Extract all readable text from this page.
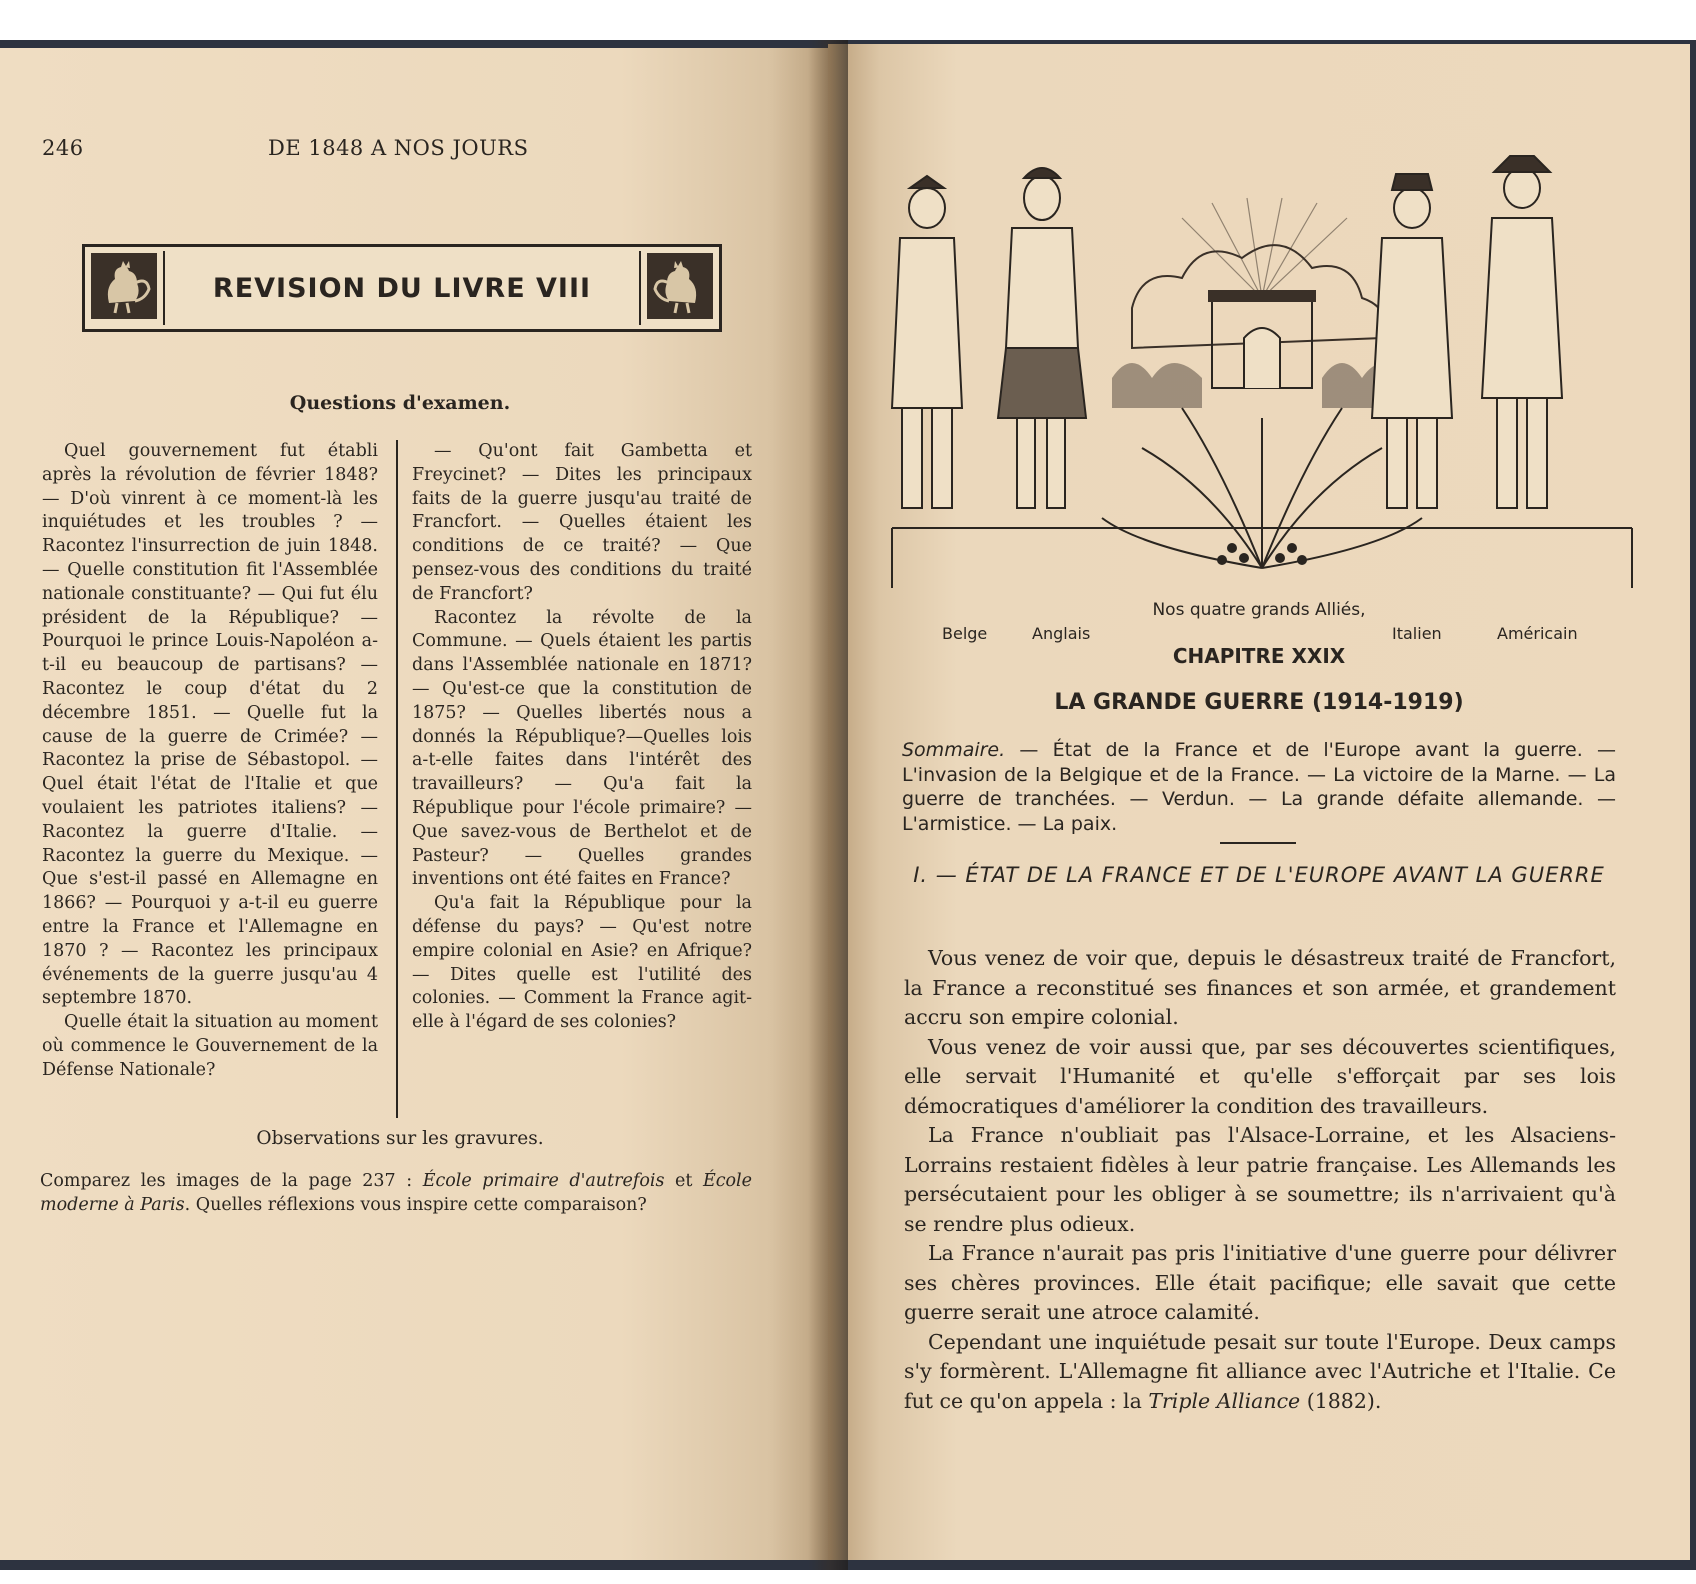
246	DE 1848 A NOS JOURS
REVISION DU LIVRE VIII
Questions d'examen.

Quel gouvernement fut établi après la révolution de février 1848? — D'où vinrent à ce moment-là les inquiétudes et les troubles ? — Racontez l'insurrection de juin 1848. — Quelle constitution fit l'Assemblée nationale constituante? — Qui fut élu président de la République? — Pourquoi le prince Louis-Napoléon a-t-il eu beaucoup de partisans? — Racontez le coup d'état du 2 décembre 1851. — Quelle fut la cause de la guerre de Crimée? — Racontez la prise de Sébastopol. — Quel était l'état de l'Italie et que voulaient les patriotes italiens? — Racontez la guerre d'Italie. — Racontez la guerre du Mexique. — Que s'est-il passé en Allemagne en 1866? — Pourquoi y a-t-il eu guerre entre la France et l'Allemagne en 1870 ? — Racontez les principaux événements de la guerre jusqu'au 4 septembre 1870.

Quelle était la situation au moment où commence le Gouvernement de la Défense Nationale?

— Qu'ont fait Gambetta et Freycinet? — Dites les principaux faits de la guerre jusqu'au traité de Francfort. — Quelles étaient les conditions de ce traité? — Que pensez-vous des conditions du traité de Francfort?

Racontez la révolte de la Commune. — Quels étaient les partis dans l'Assemblée nationale en 1871? — Qu'est-ce que la constitution de 1875? — Quelles libertés nous a donnés la République?—Quelles lois a-t-elle faites dans l'intérêt des travailleurs? — Qu'a fait la République pour l'école primaire? — Que savez-vous de Berthelot et de Pasteur? — Quelles grandes inventions ont été faites en France?

Qu'a fait la République pour la défense du pays? — Qu'est notre empire colonial en Asie? en Afrique? — Dites quelle est l'utilité des colonies. — Comment la France agit-elle à l'égard de ses colonies?

Observations sur les gravures.
Comparez les images de la page 237 : École primaire d'autrefois et École moderne à Paris. Quelles réflexions vous inspire cette comparaison?
Belge	Anglais	Italien	Américain
Nos quatre grands Alliés,
CHAPITRE XXIX
LA GRANDE GUERRE (1914-1919)
Sommaire. — État de la France et de l'Europe avant la guerre. — L'invasion de la Belgique et de la France. — La victoire de la Marne. — La guerre de tranchées. — Verdun. — La grande défaite allemande. — L'armistice. — La paix.
I. — ÉTAT DE LA FRANCE ET DE L'EUROPE AVANT LA GUERRE

Vous venez de voir que, depuis le désastreux traité de Francfort, la France a reconstitué ses finances et son armée, et grandement accru son empire colonial.

Vous venez de voir aussi que, par ses découvertes scientifiques, elle servait l'Humanité et qu'elle s'efforçait par ses lois démocratiques d'améliorer la condition des travailleurs.

La France n'oubliait pas l'Alsace-Lorraine, et les Alsaciens-Lorrains restaient fidèles à leur patrie française. Les Allemands les persécutaient pour les obliger à se soumettre; ils n'arrivaient qu'à se rendre plus odieux.

La France n'aurait pas pris l'initiative d'une guerre pour délivrer ses chères provinces. Elle était pacifique; elle savait que cette guerre serait une atroce calamité.

Cependant une inquiétude pesait sur toute l'Europe. Deux camps s'y formèrent. L'Allemagne fit alliance avec l'Autriche et l'Italie. Ce fut ce qu'on appela : la Triple Alliance (1882).
